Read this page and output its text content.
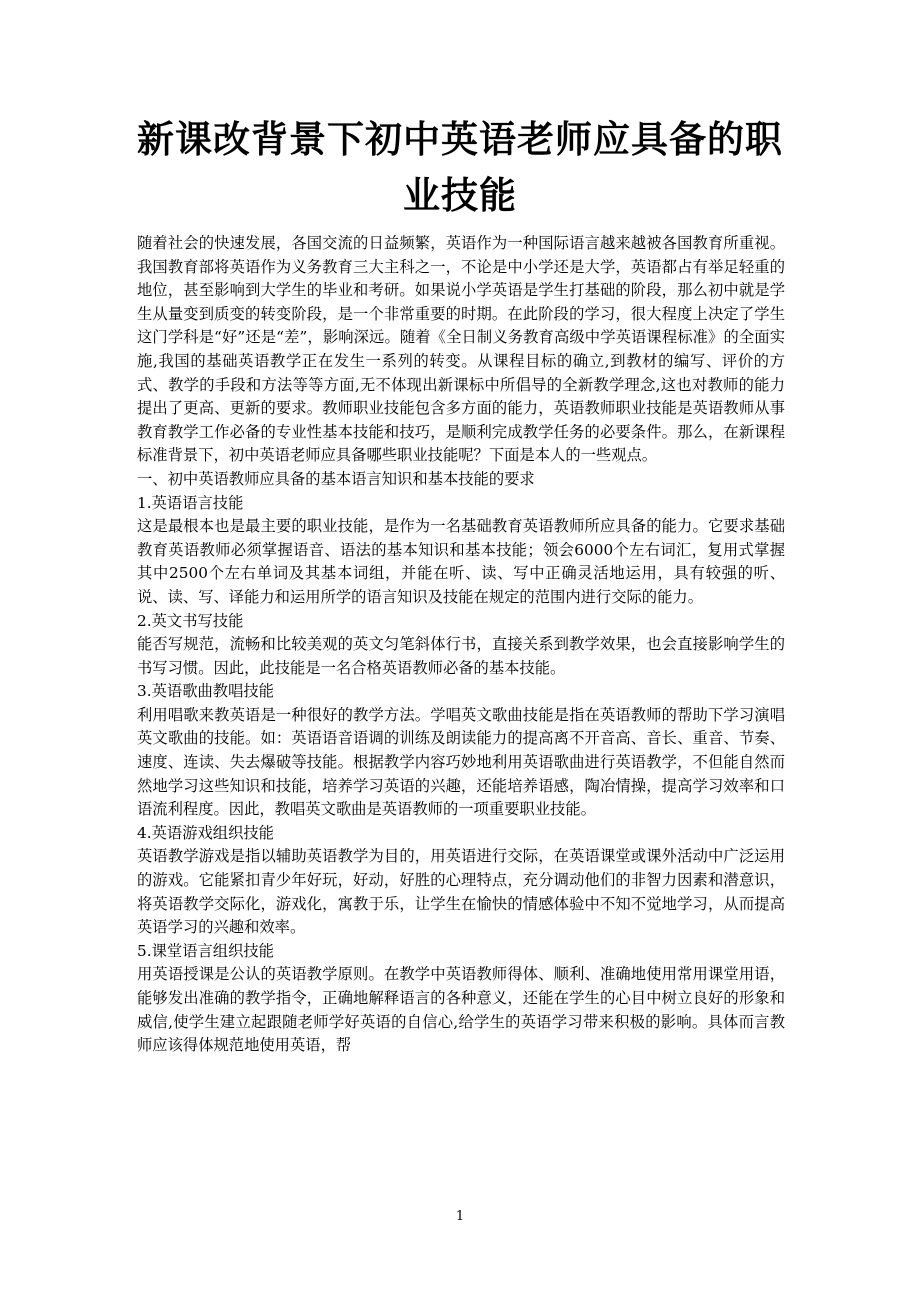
新课改背景下初中英语老师应具备的职
业技能

随着社会的快速发展，各国交流的日益频繁，英语作为一种国际语言越来越被各国教育所重视。我国教育部将英语作为义务教育三大主科之一，不论是中小学还是大学，英语都占有举足轻重的地位，甚至影响到大学生的毕业和考研。如果说小学英语是学生打基础的阶段，那么初中就是学生从量变到质变的转变阶段，是一个非常重要的时期。在此阶段的学习，很大程度上决定了学生这门学科是“好”还是“差”，影响深远。随着《全日制义务教育高级中学英语课程标准》的全面实施,我国的基础英语教学正在发生一系列的转变。从课程目标的确立,到教材的编写、评价的方式、教学的手段和方法等等方面,无不体现出新课标中所倡导的全新教学理念,这也对教师的能力提出了更高、更新的要求。教师职业技能包含多方面的能力，英语教师职业技能是英语教师从事教育教学工作必备的专业性基本技能和技巧，是顺利完成教学任务的必要条件。那么，在新课程标准背景下，初中英语老师应具备哪些职业技能呢？下面是本人的一些观点。

一、初中英语教师应具备的基本语言知识和基本技能的要求

1.英语语言技能

这是最根本也是最主要的职业技能，是作为一名基础教育英语教师所应具备的能力。它要求基础教育英语教师必须掌握语音、语法的基本知识和基本技能；领会6000个左右词汇，复用式掌握其中2500个左右单词及其基本词组，并能在听、读、写中正确灵活地运用，具有较强的听、说、读、写、译能力和运用所学的语言知识及技能在规定的范围内进行交际的能力。

2.英文书写技能

能否写规范，流畅和比较美观的英文匀笔斜体行书，直接关系到教学效果，也会直接影响学生的书写习惯。因此，此技能是一名合格英语教师必备的基本技能。

3.英语歌曲教唱技能

利用唱歌来教英语是一种很好的教学方法。学唱英文歌曲技能是指在英语教师的帮助下学习演唱英文歌曲的技能。如：英语语音语调的训练及朗读能力的提高离不开音高、音长、重音、节奏、速度、连读、失去爆破等技能。根据教学内容巧妙地利用英语歌曲进行英语教学，不但能自然而然地学习这些知识和技能，培养学习英语的兴趣，还能培养语感，陶冶情操，提高学习效率和口语流利程度。因此，教唱英文歌曲是英语教师的一项重要职业技能。

4.英语游戏组织技能

英语教学游戏是指以辅助英语教学为目的，用英语进行交际，在英语课堂或课外活动中广泛运用的游戏。它能紧扣青少年好玩，好动，好胜的心理特点，充分调动他们的非智力因素和潜意识，将英语教学交际化，游戏化，寓教于乐，让学生在愉快的情感体验中不知不觉地学习，从而提高英语学习的兴趣和效率。

5.课堂语言组织技能

用英语授课是公认的英语教学原则。在教学中英语教师得体、顺利、准确地使用常用课堂用语，能够发出准确的教学指令，正确地解释语言的各种意义，还能在学生的心目中树立良好的形象和威信,使学生建立起跟随老师学好英语的自信心,给学生的英语学习带来积极的影响。具体而言教师应该得体规范地使用英语，帮

1
